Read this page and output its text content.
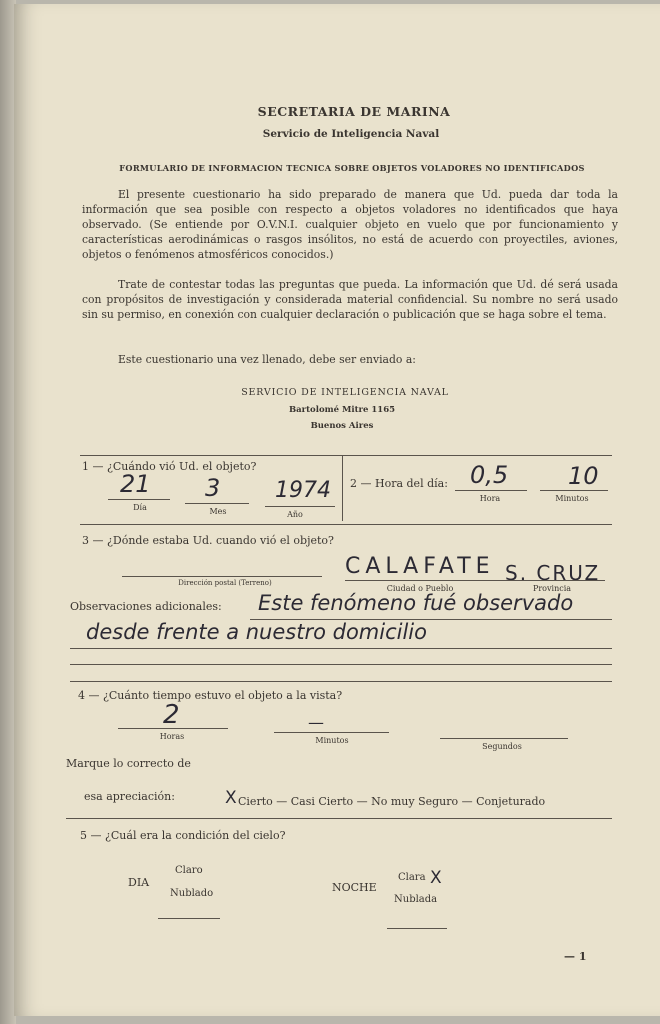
SECRETARIA DE MARINA
Servicio de Inteligencia Naval
FORMULARIO DE INFORMACION TECNICA SOBRE OBJETOS VOLADORES NO IDENTIFICADOS
El presente cuestionario ha sido preparado de manera que Ud. pueda dar toda la información que sea posible con respecto a objetos voladores no identificados que haya observado. (Se entiende por O.V.N.I. cualquier objeto en vuelo que por funcionamiento y características aerodinámicas o rasgos insólitos, no está de acuerdo con proyectiles, aviones, objetos o fenómenos atmosféricos conocidos.)
Trate de contestar todas las preguntas que pueda. La información que Ud. dé será usada con propósitos de investigación y considerada material confidencial. Su nombre no será usado sin su permiso, en conexión con cualquier declaración o publicación que se haga sobre el tema.
Este cuestionario una vez llenado, debe ser enviado a:
SERVICIO DE INTELIGENCIA NAVAL
Bartolomé Mitre 1165
Buenos Aires
1 — ¿Cuándo vió Ud. el objeto?
21 3 1974
Día	Mes	Año
2 — Hora del día: 0,5 10
Hora	Minutos
3 — ¿Dónde estaba Ud. cuando vió el objeto?
CALAFATE S. CRUZ
Dirección postal (Terreno)
Ciudad o Pueblo	Provincia
Observaciones adicionales: Este fenómeno fué observado
desde frente a nuestro domicilio
4 — ¿Cuánto tiempo estuvo el objeto a la vista?
2	—
Horas	Minutos
Segundos
Marque lo correcto de
esa apreciación:	X Cierto — Casi Cierto — No muy Seguro — Conjeturado
5 — ¿Cuál era la condición del cielo?
DIA
Claro
Nublado	NOCHE
Clara X
Nublada
— 1
